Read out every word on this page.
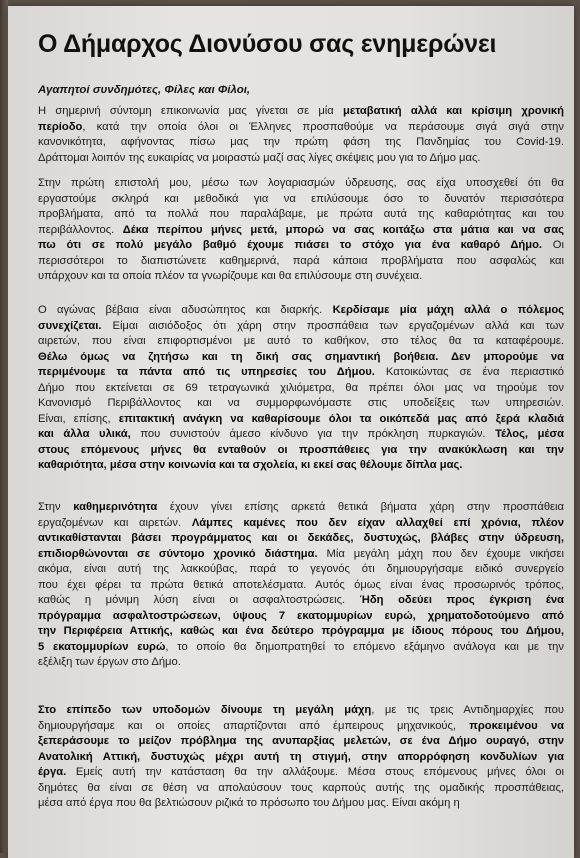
Ο Δήμαρχος Διονύσου σας ενημερώνει

Αγαπητοί συνδημότες, Φίλες και Φίλοι,

Η σημερινή σύντομη επικοινωνία μας γίνεται σε μία μεταβατική αλλά και κρίσιμη χρονική
περίοδο, κατά την οποία όλοι οι Έλληνες προσπαθούμε να περάσουμε σιγά σιγά στην
κανονικότητα, αφήνοντας πίσω μας την πρώτη φάση της Πανδημίας του Covid-19.
Δράττομαι λοιπόν της ευκαιρίας να μοιραστώ μαζί σας λίγες σκέψεις μου για το Δήμο μας.
Στην πρώτη επιστολή μου, μέσω των λογαριασμών ύδρευσης, σας είχα υποσχεθεί ότι θα
εργαστούμε σκληρά και μεθοδικά για να επιλύσουμε όσο το δυνατόν περισσότερα
προβλήματα, από τα πολλά που παραλάβαμε, με πρώτα αυτά της καθαριότητας και του
περιβάλλοντος. Δέκα περίπου μήνες μετά, μπορώ να σας κοιτάξω στα μάτια και να σας
πω ότι σε πολύ μεγάλο βαθμό έχουμε πιάσει το στόχο για ένα καθαρό Δήμο. Οι
περισσότεροι το διαπιστώνετε καθημερινά, παρά κάποια προβλήματα που ασφαλώς και
υπάρχουν και τα οποία πλέον τα γνωρίζουμε και θα επιλύσουμε στη συνέχεια.
Ο αγώνας βέβαια είναι αδυσώπητος και διαρκής. Κερδίσαμε μία μάχη αλλά ο πόλεμος
συνεχίζεται. Είμαι αισιόδοξος ότι χάρη στην προσπάθεια των εργαζομένων αλλά και των
αιρετών, που είναι επιφορτισμένοι με αυτό το καθήκον, στο τέλος θα τα καταφέρουμε.
Θέλω όμως να ζητήσω και τη δική σας σημαντική βοήθεια. Δεν μπορούμε να
περιμένουμε τα πάντα από τις υπηρεσίες του Δήμου. Κατοικώντας σε ένα περιαστικό
Δήμο που εκτείνεται σε 69 τετραγωνικά χιλιόμετρα, θα πρέπει όλοι μας να τηρούμε τον
Κανονισμό Περιβάλλοντος και να συμμορφωνόμαστε στις υποδείξεις των υπηρεσιών.
Είναι, επίσης, επιτακτική ανάγκη να καθαρίσουμε όλοι τα οικόπεδά μας από ξερά κλαδιά
και άλλα υλικά, που συνιστούν άμεσο κίνδυνο για την πρόκληση πυρκαγιών. Τέλος, μέσα
στους επόμενους μήνες θα ενταθούν οι προσπάθειες για την ανακύκλωση και την
καθαριότητα, μέσα στην κοινωνία και τα σχολεία, κι εκεί σας θέλουμε δίπλα μας.
Στην καθημερινότητα έχουν γίνει επίσης αρκετά θετικά βήματα χάρη στην προσπάθεια
εργαζομένων και αιρετών. Λάμπες καμένες που δεν είχαν αλλαχθεί επί χρόνια, πλέον
αντικαθίστανται βάσει προγράμματος και οι δεκάδες, δυστυχώς, βλάβες στην ύδρευση,
επιδιορθώνονται σε σύντομο χρονικό διάστημα. Μία μεγάλη μάχη που δεν έχουμε νικήσει
ακόμα, είναι αυτή της λακκούβας, παρά το γεγονός ότι δημιουργήσαμε ειδικό συνεργείο
που έχει φέρει τα πρώτα θετικά αποτελέσματα. Αυτός όμως είναι ένας προσωρινός τρόπος,
καθώς η μόνιμη λύση είναι οι ασφαλτοστρώσεις. Ήδη οδεύει προς έγκριση ένα
πρόγραμμα ασφαλτοστρώσεων, ύψους 7 εκατομμυρίων ευρώ, χρηματοδοτούμενο από
την Περιφέρεια Αττικής, καθώς και ένα δεύτερο πρόγραμμα με ίδιους πόρους του Δήμου,
5 εκατομμυρίων ευρώ, το οποίο θα δημοπρατηθεί το επόμενο εξάμηνο ανάλογα και με την
εξέλιξη των έργων στο Δήμο.
Στο επίπεδο των υποδομών δίνουμε τη μεγάλη μάχη, με τις τρεις Αντιδημαρχίες που
δημιουργήσαμε και οι οποίες απαρτίζονται από έμπειρους μηχανικούς, προκειμένου να
ξεπεράσουμε το μείζον πρόβλημα της ανυπαρξίας μελετών, σε ένα Δήμο ουραγό, στην
Ανατολική Αττική, δυστυχώς μέχρι αυτή τη στιγμή, στην απορρόφηση κονδυλίων για
έργα. Εμείς αυτή την κατάσταση θα την αλλάξουμε. Μέσα στους επόμενους μήνες όλοι οι
δημότες θα είναι σε θέση να απολαύσουν τους καρπούς αυτής της ομαδικής προσπάθειας,
μέσα από έργα που θα βελτιώσουν ριζικά το πρόσωπο του Δήμου μας. Είναι ακόμη η
